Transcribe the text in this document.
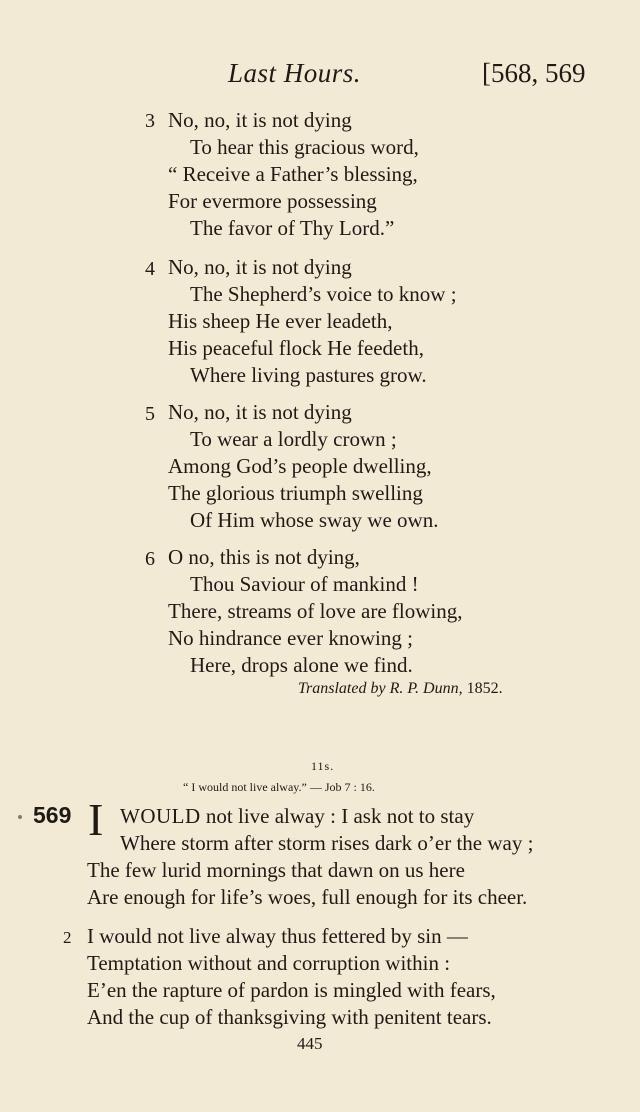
Last Hours.	[568, 569
3 No, no, it is not dying
To hear this gracious word,
“ Receive a Father’s blessing,
For evermore possessing
The favor of Thy Lord.”
4 No, no, it is not dying
The Shepherd’s voice to know ;
His sheep He ever leadeth,
His peaceful flock He feedeth,
Where living pastures grow.
5 No, no, it is not dying
To wear a lordly crown ;
Among God’s people dwelling,
The glorious triumph swelling
Of Him whose sway we own.
6 O no, this is not dying,
Thou Saviour of mankind !
There, streams of love are flowing,
No hindrance ever knowing ;
Here, drops alone we find.
Translated by R. P. Dunn, 1852.
11s.
“ I would not live alway.” — Job 7 : 16.
569 I WOULD not live alway : I ask not to stay
Where storm after storm rises dark o’er the way ;
The few lurid mornings that dawn on us here
Are enough for life’s woes, full enough for its cheer.
2 I would not live alway thus fettered by sin —
Temptation without and corruption within :
E’en the rapture of pardon is mingled with fears,
And the cup of thanksgiving with penitent tears.
445
